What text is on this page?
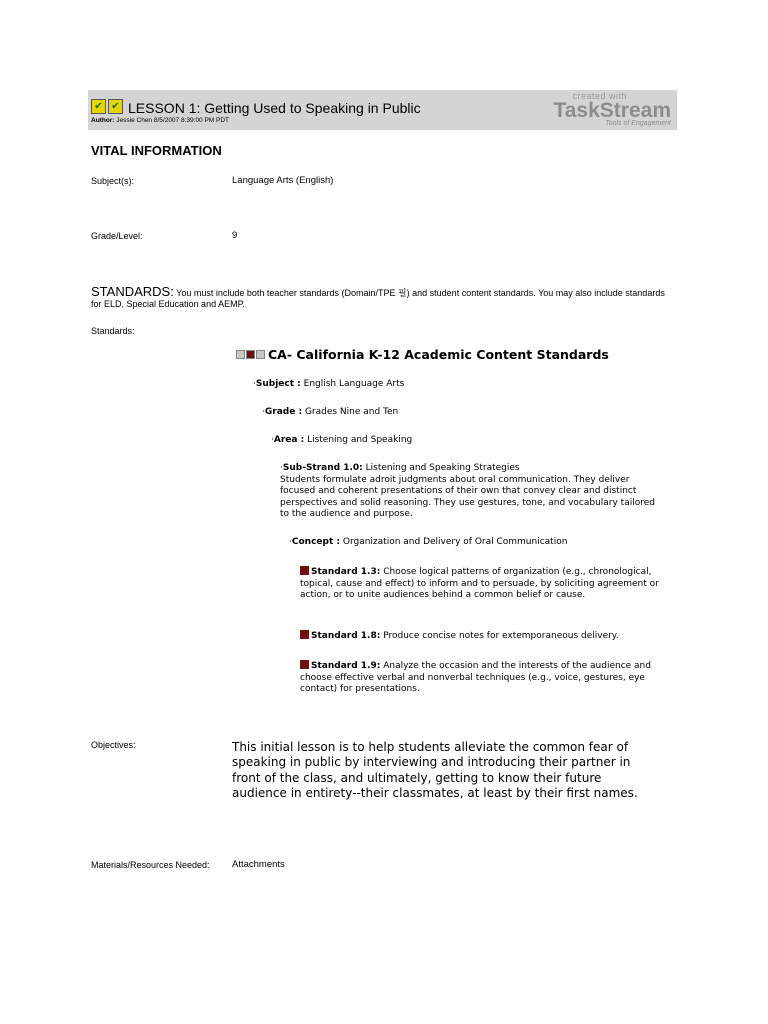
✔ ✔ LESSON 1: Getting Used to Speaking in Public
Author: Jessie Chen 8/5/2007 8:39:00 PM PDT
created with
TaskStream
Tools of Engagement
VITAL INFORMATION
Subject(s):	Language Arts (English)
Grade/Level:	9
STANDARDS: You must include both teacher standards (Domain/TPE 필) and student content standards. You may also include standards for ELD, Special Education and AEMP.
Standards:
CA- California K-12 Academic Content Standards
·Subject : English Language Arts
·Grade : Grades Nine and Ten
·Area : Listening and Speaking
·Sub-Strand 1.0: Listening and Speaking Strategies
Students formulate adroit judgments about oral communication. They deliver focused and coherent presentations of their own that convey clear and distinct perspectives and solid reasoning. They use gestures, tone, and vocabulary tailored to the audience and purpose.
·Concept : Organization and Delivery of Oral Communication
Standard 1.3: Choose logical patterns of organization (e.g., chronological, topical, cause and effect) to inform and to persuade, by soliciting agreement or action, or to unite audiences behind a common belief or cause.
Standard 1.8: Produce concise notes for extemporaneous delivery.
Standard 1.9: Analyze the occasion and the interests of the audience and choose effective verbal and nonverbal techniques (e.g., voice, gestures, eye contact) for presentations.
Objectives:	This initial lesson is to help students alleviate the common fear of speaking in public by interviewing and introducing their partner in front of the class, and ultimately, getting to know their future audience in entirety--their classmates, at least by their first names.
Materials/Resources Needed: Attachments
